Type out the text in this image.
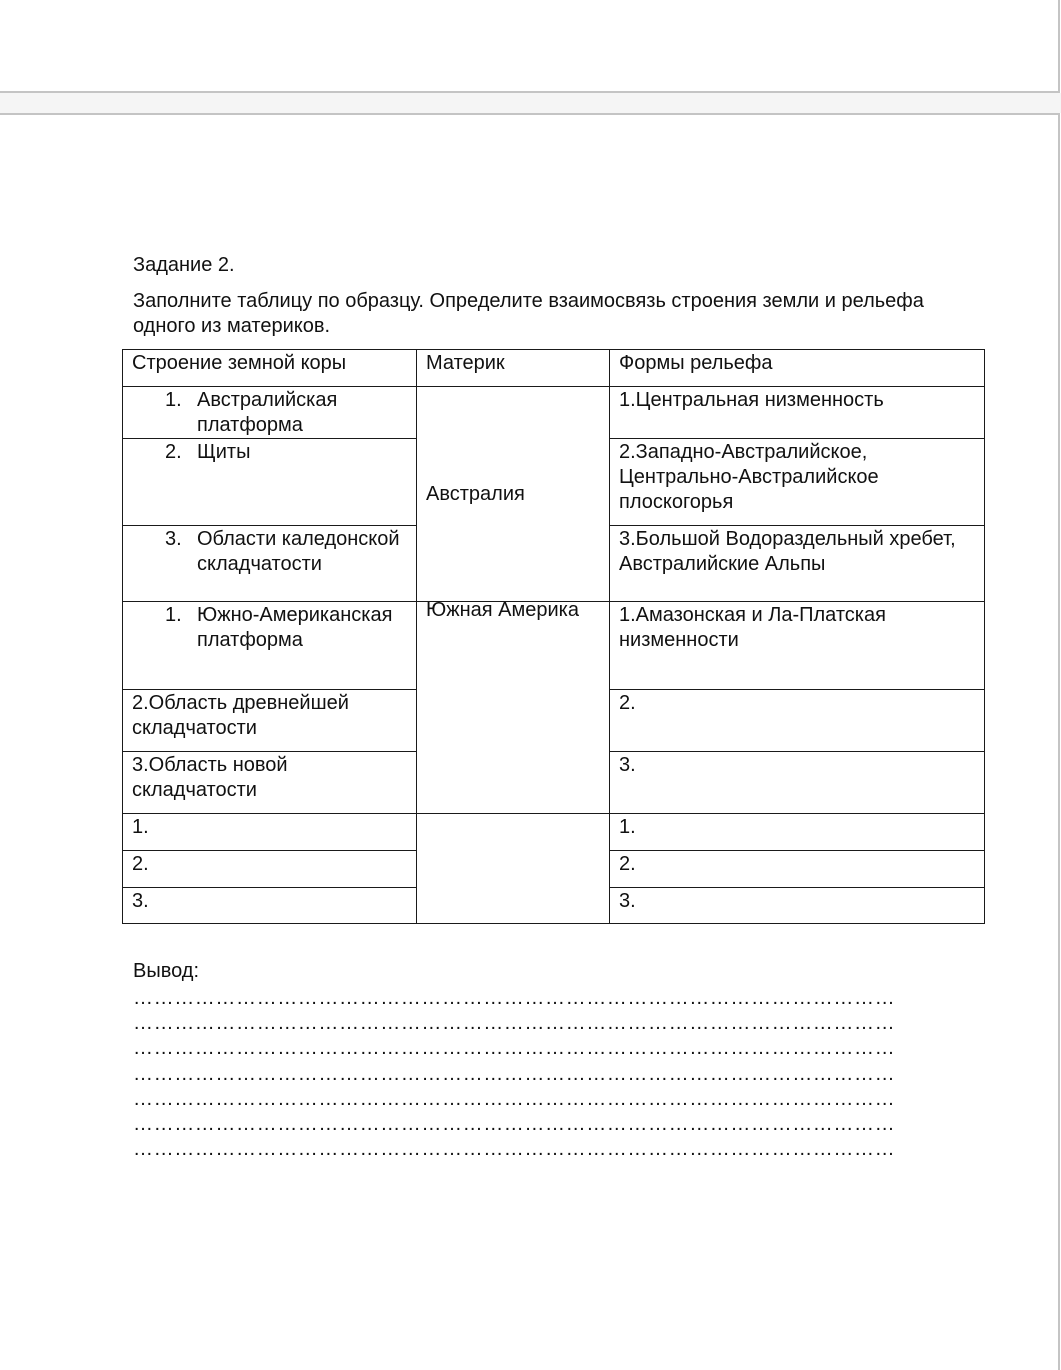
Задание 2.
Заполните таблицу по образцу. Определите взаимосвязь строения земли и рельефа одного из материков.
Строение земной коры	Материк	Формы рельефа

1. Австралийская платформа	Австралия	1.Центральная низменность

2. Щиты		2.Западно-Австралийское, Центрально-Австралийское плоскогорья

3. Области каледонской складчатости		3.Большой Водораздельный хребет, Австралийские Альпы

1. Южно-Американская платформа	Южная Америка	1.Амазонская и Ла-Платская низменности
2.Область древнейшей складчатости		2.
3.Область новой складчатости		3.
1.		1.
2.		2.
3.		3.
Вывод:
…………………………………………………………………………………………………
…………………………………………………………………………………………………
…………………………………………………………………………………………………
…………………………………………………………………………………………………
…………………………………………………………………………………………………
…………………………………………………………………………………………………
…………………………………………………………………………………………………
